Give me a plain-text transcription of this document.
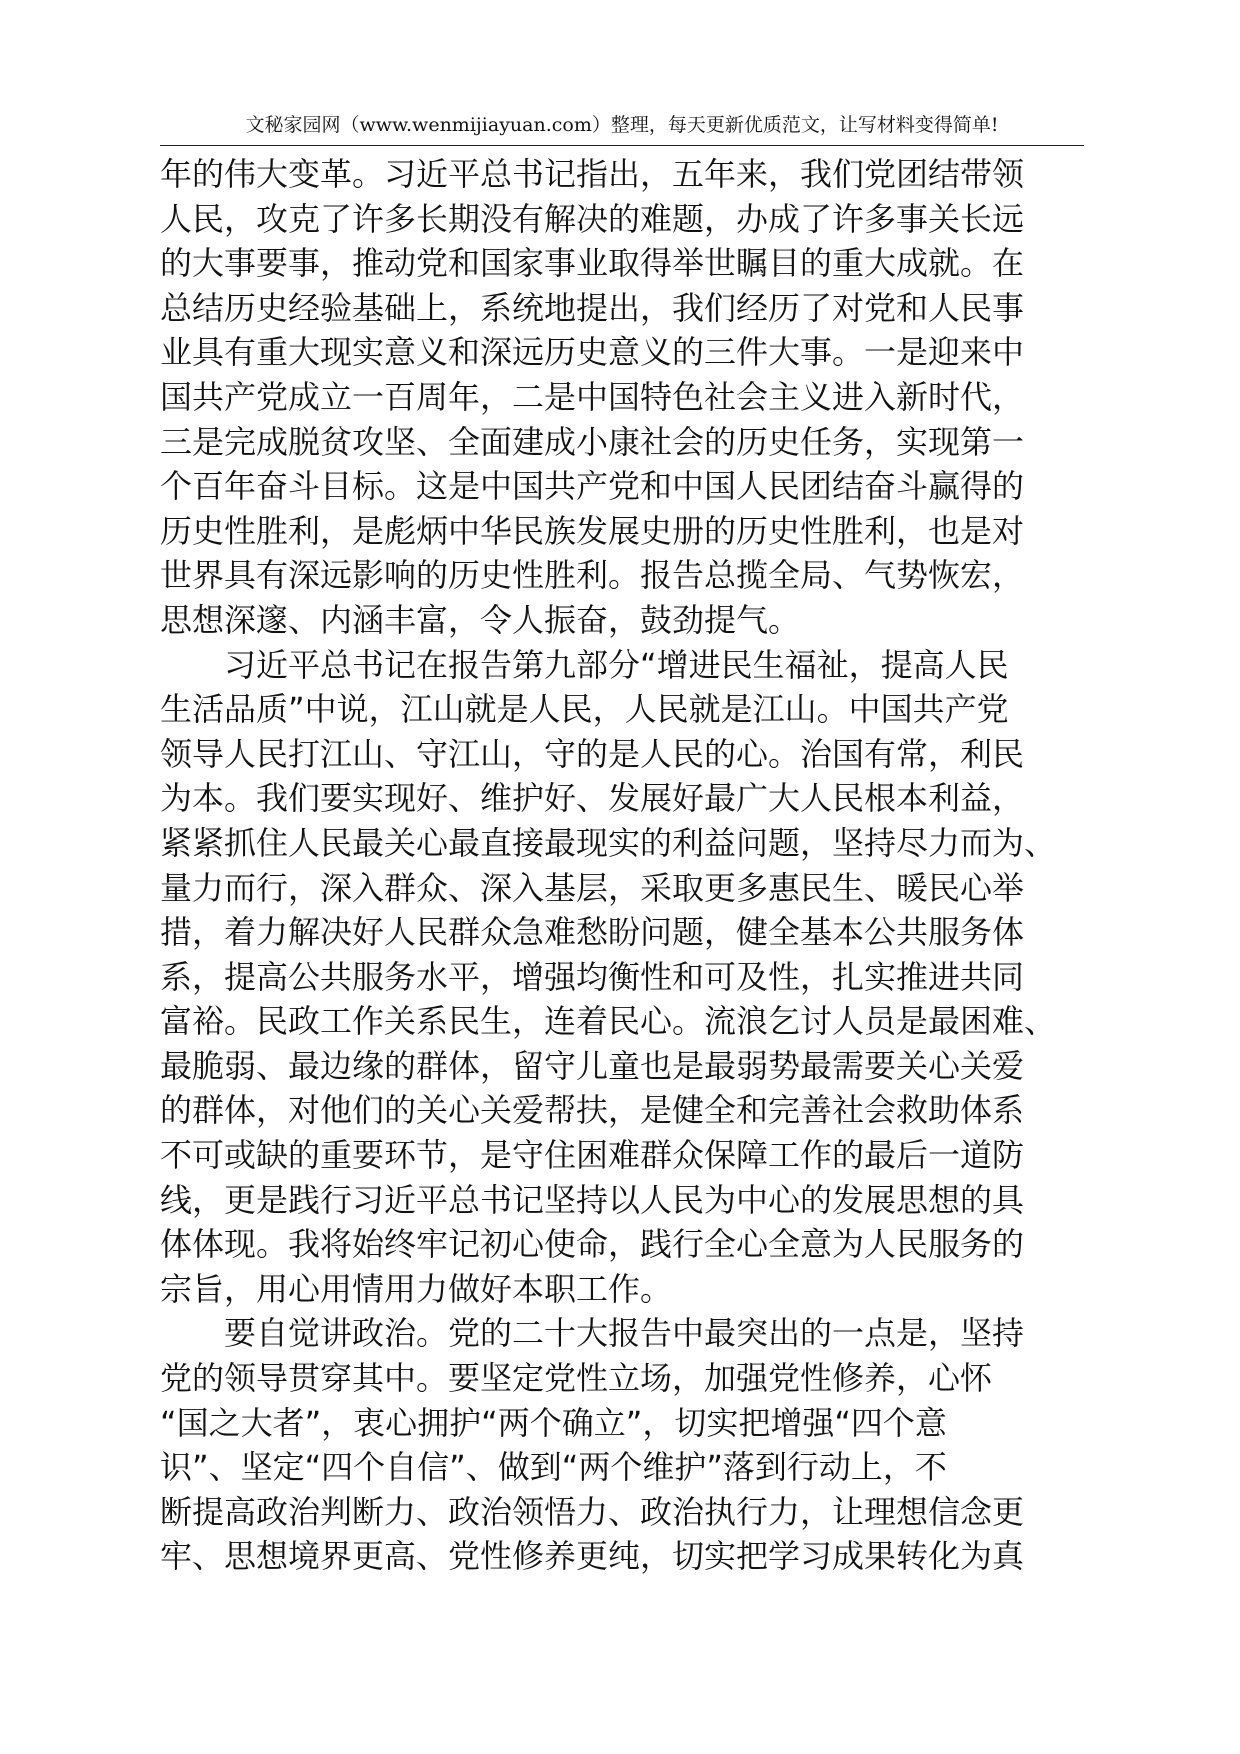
文秘家园网（www.wenmijiayuan.com）整理，每天更新优质范文，让写材料变得简单!
年的伟大变革。习近平总书记指出，五年来，我们党团结带领
人民，攻克了许多长期没有解决的难题，办成了许多事关长远
的大事要事，推动党和国家事业取得举世瞩目的重大成就。在
总结历史经验基础上，系统地提出，我们经历了对党和人民事
业具有重大现实意义和深远历史意义的三件大事。一是迎来中
国共产党成立一百周年，二是中国特色社会主义进入新时代，
三是完成脱贫攻坚、全面建成小康社会的历史任务，实现第一
个百年奋斗目标。这是中国共产党和中国人民团结奋斗赢得的
历史性胜利，是彪炳中华民族发展史册的历史性胜利，也是对
世界具有深远影响的历史性胜利。报告总揽全局、气势恢宏，
思想深邃、内涵丰富，令人振奋，鼓劲提气。
习近平总书记在报告第九部分“增进民生福祉，提高人民
生活品质”中说，江山就是人民，人民就是江山。中国共产党
领导人民打江山、守江山，守的是人民的心。治国有常，利民
为本。我们要实现好、维护好、发展好最广大人民根本利益，
紧紧抓住人民最关心最直接最现实的利益问题，坚持尽力而为、
量力而行，深入群众、深入基层，采取更多惠民生、暖民心举
措，着力解决好人民群众急难愁盼问题，健全基本公共服务体
系，提高公共服务水平，增强均衡性和可及性，扎实推进共同
富裕。民政工作关系民生，连着民心。流浪乞讨人员是最困难、
最脆弱、最边缘的群体，留守儿童也是最弱势最需要关心关爱
的群体，对他们的关心关爱帮扶，是健全和完善社会救助体系
不可或缺的重要环节，是守住困难群众保障工作的最后一道防
线，更是践行习近平总书记坚持以人民为中心的发展思想的具
体体现。我将始终牢记初心使命，践行全心全意为人民服务的
宗旨，用心用情用力做好本职工作。
要自觉讲政治。党的二十大报告中最突出的一点是，坚持
党的领导贯穿其中。要坚定党性立场，加强党性修养，心怀
“国之大者”，衷心拥护“两个确立”，切实把增强“四个意
识”、坚定“四个自信”、做到“两个维护”落到行动上，不
断提高政治判断力、政治领悟力、政治执行力，让理想信念更
牢、思想境界更高、党性修养更纯，切实把学习成果转化为真
